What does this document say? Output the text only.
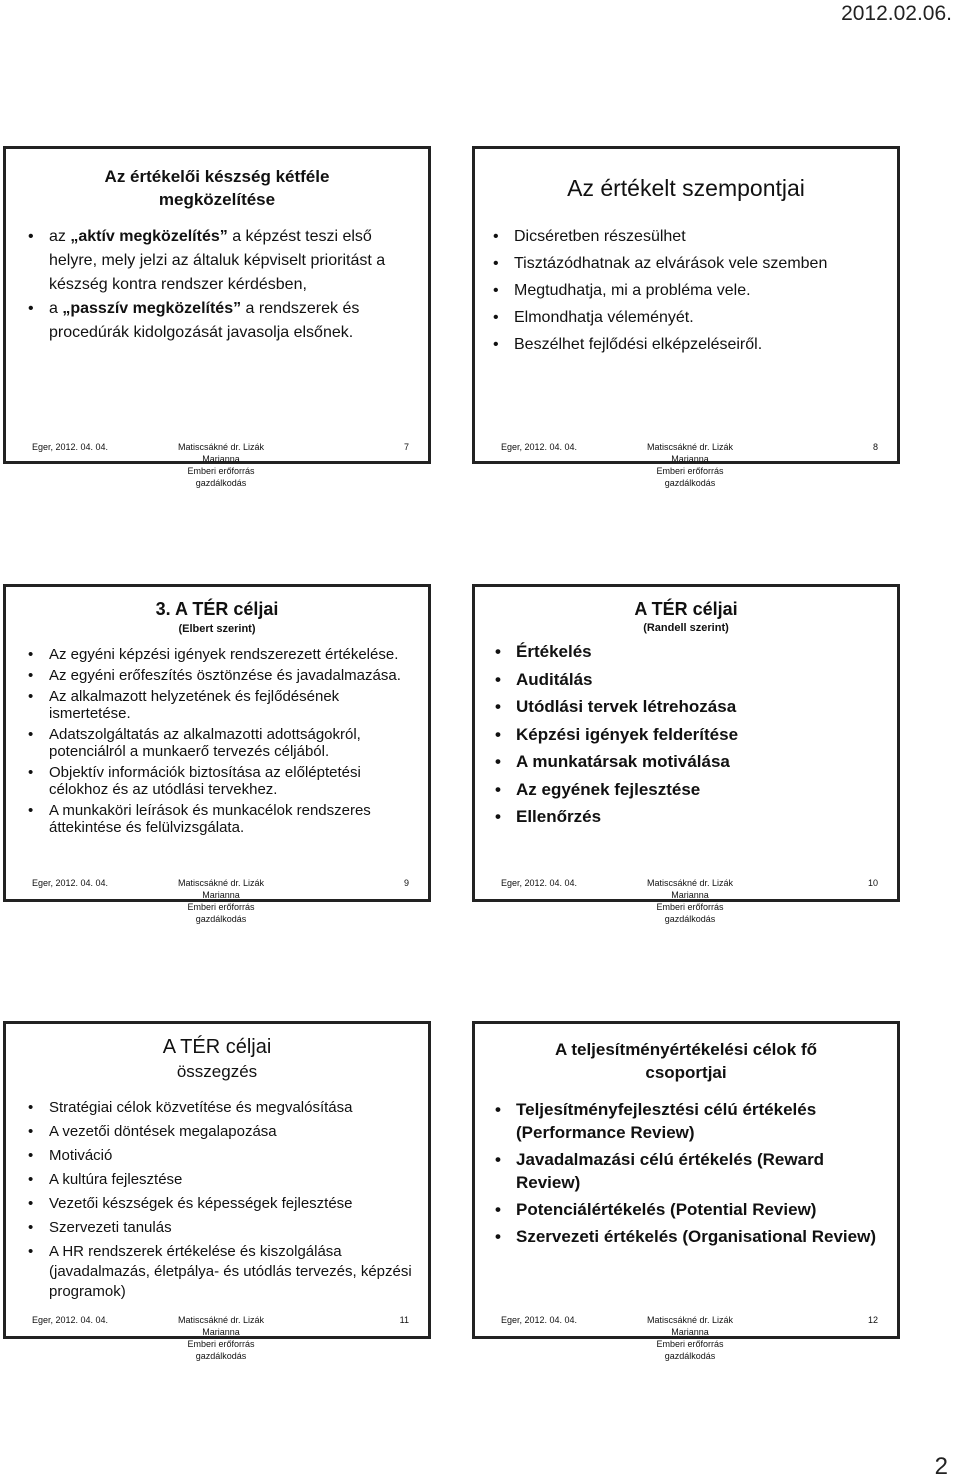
2012.02.06.
Az értékelői készség kétféle megközelítése
• az „aktív megközelítés” a képzést teszi első helyre, mely jelzi az általuk képviselt prioritást a készség kontra rendszer kérdésben,
• a „passzív megközelítés” a rendszerek és procedúrák kidolgozását javasolja elsőnek.
Eger, 2012. 04. 04.	Matiscsákné dr. Lizák Marianna
Emberi erőforrás gazdálkodás
7
Az értékelt szempontjai
• Dicséretben részesülhet
• Tisztázódhatnak az elvárások vele szemben
• Megtudhatja, mi a probléma vele.
• Elmondhatja véleményét.
• Beszélhet fejlődési elképzeléseiről.
Eger, 2012. 04. 04.	Matiscsákné dr. Lizák Marianna
Emberi erőforrás gazdálkodás
8
3. A TÉR céljai
(Elbert szerint)
• Az egyéni képzési igények rendszerezett értékelése.
• Az egyéni erőfeszítés ösztönzése és javadalmazása.
• Az alkalmazott helyzetének és fejlődésének ismertetése.
• Adatszolgáltatás az alkalmazotti adottságokról, potenciálról a munkaerő tervezés céljából.
• Objektív információk biztosítása az előléptetési célokhoz és az utódlási tervekhez.
• A munkaköri leírások és munkacélok rendszeres áttekintése és felülvizsgálata.
Eger, 2012. 04. 04.	Matiscsákné dr. Lizák Marianna
Emberi erőforrás gazdálkodás
9
A TÉR céljai
(Randell szerint)
• Értékelés
• Auditálás
• Utódlási tervek létrehozása
• Képzési igények felderítése
• A munkatársak motiválása
• Az egyének fejlesztése
• Ellenőrzés
Eger, 2012. 04. 04.	Matiscsákné dr. Lizák Marianna
Emberi erőforrás gazdálkodás
10
A TÉR céljai
összegzés
• Stratégiai célok közvetítése és megvalósítása
• A vezetői döntések megalapozása
• Motiváció
• A kultúra fejlesztése
• Vezetői készségek és képességek fejlesztése
• Szervezeti tanulás
• A HR rendszerek értékelése és kiszolgálása (javadalmazás, életpálya- és utódlás tervezés, képzési programok)
Eger, 2012. 04. 04.	Matiscsákné dr. Lizák Marianna
Emberi erőforrás gazdálkodás
11
A teljesítményértékelési célok fő csoportjai
• Teljesítményfejlesztési célú értékelés (Performance Review)
• Javadalmazási célú értékelés (Reward Review)
• Potenciálértékelés (Potential Review)
• Szervezeti értékelés (Organisational Review)
Eger, 2012. 04. 04.	Matiscsákné dr. Lizák Marianna
Emberi erőforrás gazdálkodás
12
2
